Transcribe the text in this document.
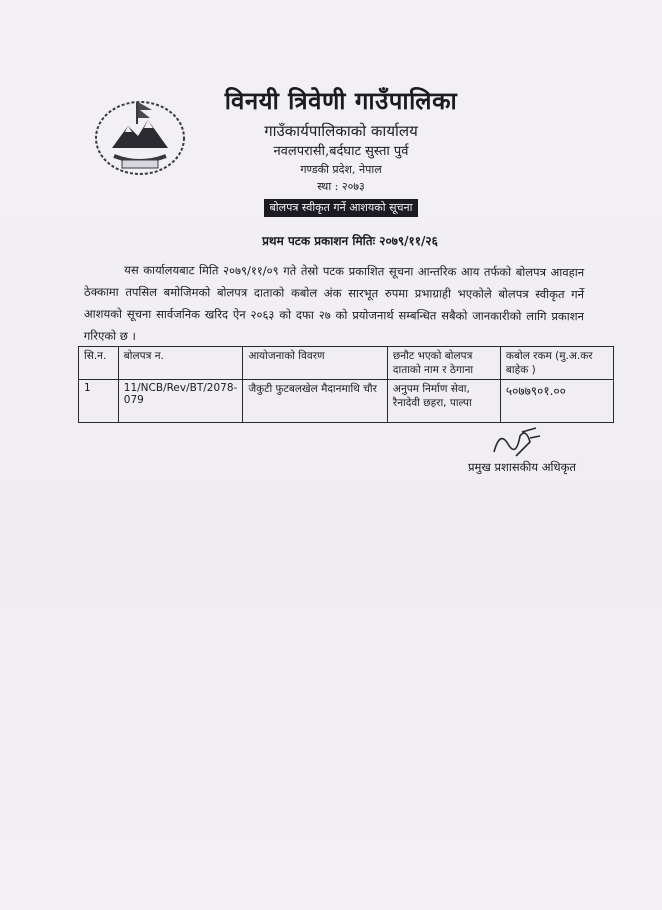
विनयी त्रिवेणी गाउँपालिका
गाउँकार्यपालिकाको कार्यालय
नवलपरासी,बर्दघाट सुस्ता पुर्व
गण्डकी प्रदेश, नेपाल
स्था : २०७३
बोलपत्र स्वीकृत गर्ने आशयको सूचना
प्रथम पटक प्रकाशन मितिः २०७९/११/२६
यस कार्यालयबाट मिति २०७९/११/०९ गते तेस्रो पटक प्रकाशित सूचना आन्तरिक आय तर्फको बोलपत्र आवहान ठेक्कामा तपसिल बमोजिमको बोलपत्र दाताको कबोल अंक सारभूत रुपमा प्रभाग्राही भएकोले बोलपत्र स्वीकृत गर्ने आशयको सूचना सार्वजनिक खरिद ऐन २०६३ को दफा २७ को प्रयोजनार्थ सम्बन्धित सबैको जानकारीको लागि प्रकाशन गरिएको छ ।
सि.न.	बोलपत्र न.	आयोजनाको विवरण	छनौट भएको बोलपत्र दाताको नाम र ठेगाना	कबोल रकम (मु.अ.कर बाहेक )
1	11/NCB/Rev/BT/2078-079	जैकुटी फुटबलखेल मैदानमाथि चौर	अनुपम निर्माण सेवा, रैनादेवी छहरा, पाल्पा	५०७७९०१.००
प्रमुख प्रशासकीय अधिकृत
